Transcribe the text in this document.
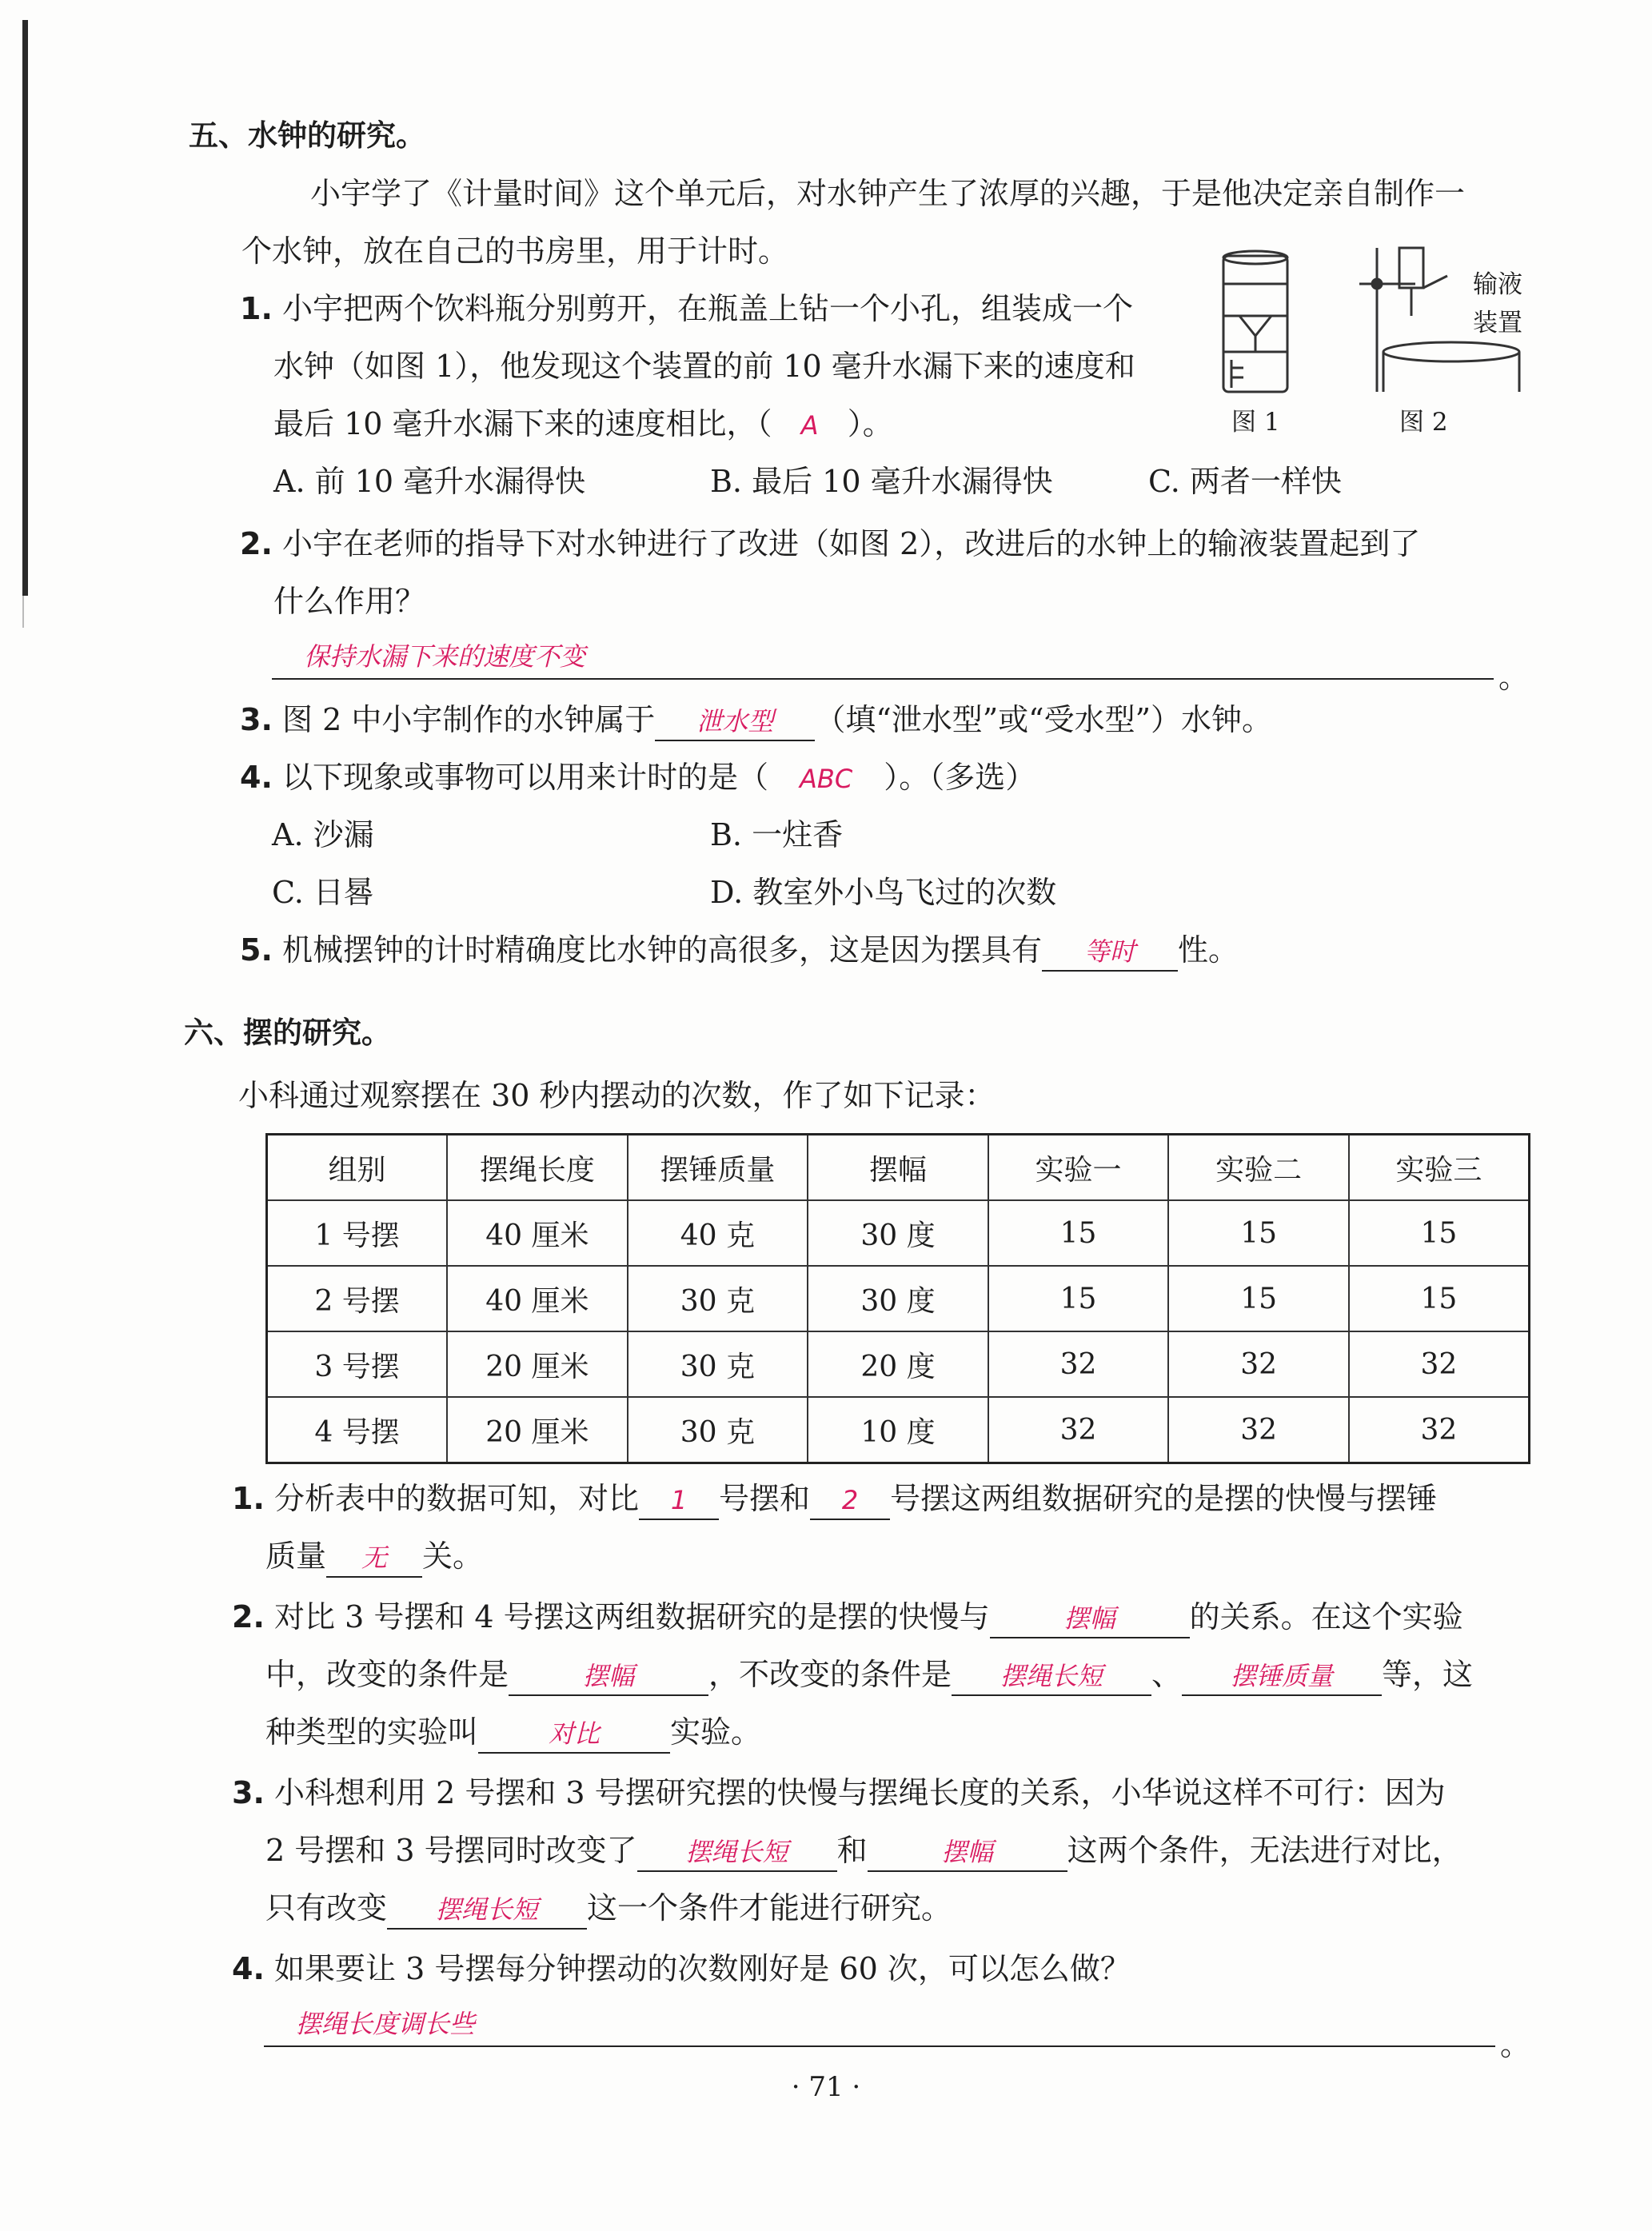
五、水钟的研究。
小宇学了《计量时间》这个单元后，对水钟产生了浓厚的兴趣，于是他决定亲自制作一
个水钟，放在自己的书房里，用于计时。
1. 小宇把两个饮料瓶分别剪开，在瓶盖上钻一个小孔，组装成一个
水钟（如图 1），他发现这个装置的前 10 毫升水漏下来的速度和
最后 10 毫升水漏下来的速度相比，（ A ）。
A. 前 10 毫升水漏得快	B. 最后 10 毫升水漏得快	C. 两者一样快
输液
装置
图 1	图 2
2. 小宇在老师的指导下对水钟进行了改进（如图 2），改进后的水钟上的输液装置起到了
什么作用？
保持水漏下来的速度不变
。
3. 图 2 中小宇制作的水钟属于 泄水型 （填“泄水型”或“受水型”）水钟。
4. 以下现象或事物可以用来计时的是（ ABC ）。（多选）
A. 沙漏	B. 一炷香
C. 日晷	D. 教室外小鸟飞过的次数
5. 机械摆钟的计时精确度比水钟的高很多，这是因为摆具有 等时 性。
六、摆的研究。
小科通过观察摆在 30 秒内摆动的次数，作了如下记录：
组别	摆绳长度	摆锤质量	摆幅	实验一	实验二	实验三
1 号摆	40 厘米	40 克	30 度	15	15	15
2 号摆	40 厘米	30 克	30 度	15	15	15
3 号摆	20 厘米	30 克	20 度	32	32	32
4 号摆	20 厘米	30 克	10 度	32	32	32
1. 分析表中的数据可知，对比 1 号摆和 2 号摆这两组数据研究的是摆的快慢与摆锤
质量 无 关。
2. 对比 3 号摆和 4 号摆这两组数据研究的是摆的快慢与	摆幅 的关系。在这个实验
中，改变的条件是	摆幅 ，不改变的条件是 摆绳长短 、 摆锤质量 等，这
种类型的实验叫	对比 实验。
3. 小科想利用 2 号摆和 3 号摆研究摆的快慢与摆绳长度的关系，小华说这样不可行：因为
2 号摆和 3 号摆同时改变了 摆绳长短 和	摆幅 这两个条件，无法进行对比，
只有改变 摆绳长短 这一个条件才能进行研究。
4. 如果要让 3 号摆每分钟摆动的次数刚好是 60 次，可以怎么做？
摆绳长度调长些
。
· 71 ·
